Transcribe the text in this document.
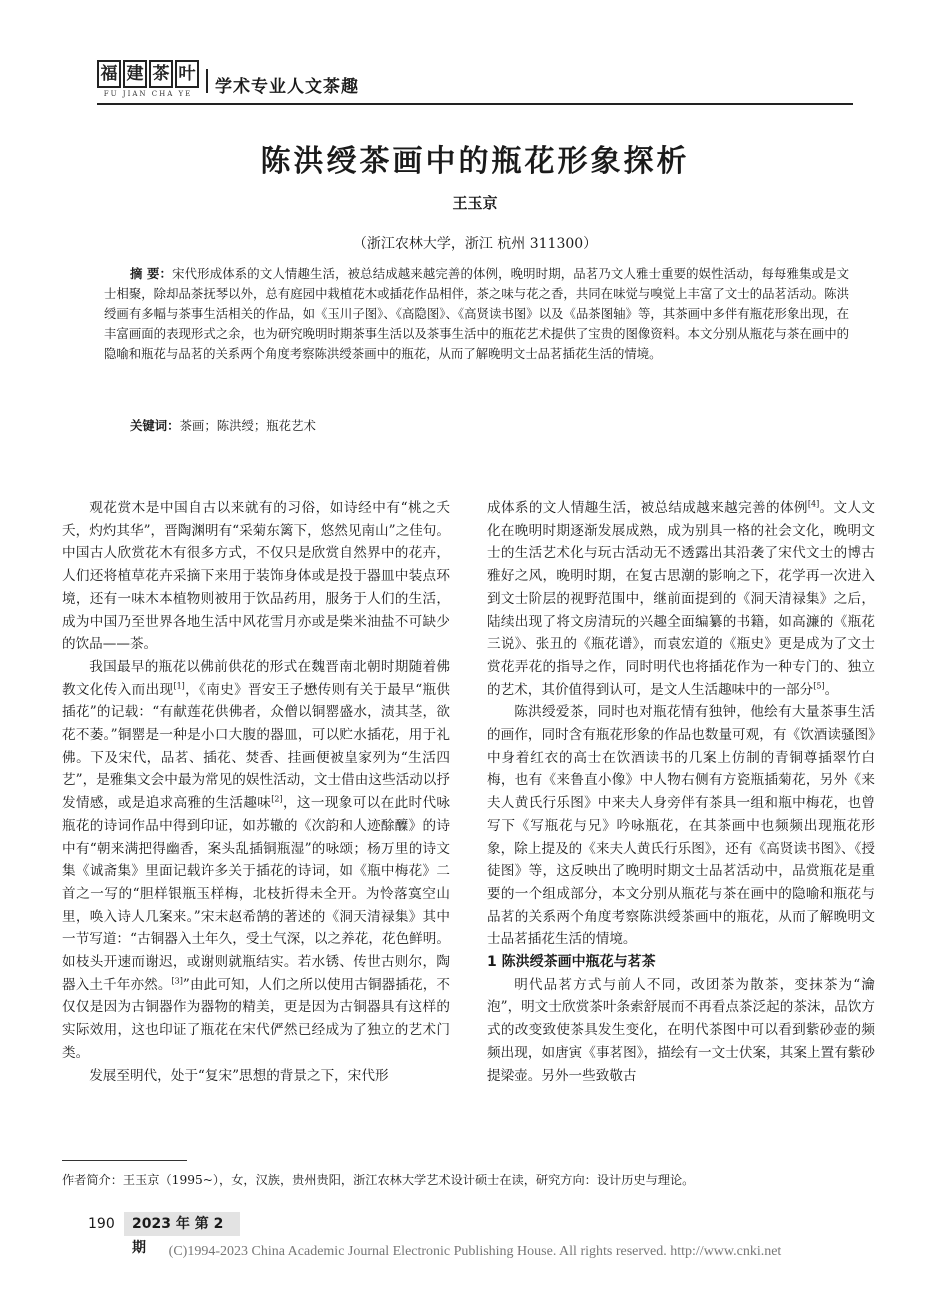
福 建 茶 叶
FU JIAN CHA YE	学术专业人文茶趣
陈洪绶茶画中的瓶花形象探析
王玉京
（浙江农林大学，浙江 杭州 311300）
摘 要：宋代形成体系的文人情趣生活，被总结成越来越完善的体例，晚明时期，品茗乃文人雅士重要的娱性活动，每每雅集或是文士相聚，除却品茶抚琴以外，总有庭园中栽植花木或插花作品相伴，茶之味与花之香，共同在味觉与嗅觉上丰富了文士的品茗活动。陈洪绶画有多幅与茶事生活相关的作品，如《玉川子图》、《高隐图》、《高贤读书图》以及《品茶图轴》等，其茶画中多伴有瓶花形象出现，在丰富画面的表现形式之余，也为研究晚明时期茶事生活以及茶事生活中的瓶花艺术提供了宝贵的图像资料。本文分别从瓶花与茶在画中的隐喻和瓶花与品茗的关系两个角度考察陈洪绶茶画中的瓶花，从而了解晚明文士品茗插花生活的情境。
关键词：茶画；陈洪绶；瓶花艺术

观花赏木是中国自古以来就有的习俗，如诗经中有“桃之夭夭，灼灼其华”，晋陶渊明有“采菊东篱下，悠然见南山”之佳句。中国古人欣赏花木有很多方式，不仅只是欣赏自然界中的花卉，人们还将植草花卉采摘下来用于装饰身体或是投于器皿中装点环境，还有一味木本植物则被用于饮品药用，服务于人们的生活，成为中国乃至世界各地生活中风花雪月亦或是柴米油盐不可缺少的饮品——茶。

我国最早的瓶花以佛前供花的形式在魏晋南北朝时期随着佛教文化传入而出现[1]，《南史》晋安王子懋传则有关于最早“瓶供插花”的记载：“有献莲花供佛者，众僧以铜罂盛水，渍其茎，欲花不萎。”铜罂是一种是小口大腹的器皿，可以贮水插花，用于礼佛。下及宋代，品茗、插花、焚香、挂画便被皇家列为“生活四艺”，是雅集文会中最为常见的娱性活动，文士借由这些活动以抒发情感，或是追求高雅的生活趣味[2]，这一现象可以在此时代咏瓶花的诗词作品中得到印证，如苏辙的《次韵和人迹酴醾》的诗中有“朝来满把得幽香，案头乱插铜瓶湿”的咏颂；杨万里的诗文集《诚斋集》里面记载许多关于插花的诗词，如《瓶中梅花》二首之一写的“胆样银瓶玉样梅，北枝折得未全开。为怜落寞空山里，唤入诗人几案来。”宋末赵希鹄的著述的《洞天清禄集》其中一节写道：“古铜器入土年久，受土气深，以之养花，花色鲜明。如枝头开速而谢迟，或谢则就瓶结实。若水锈、传世古则尔，陶器入土千年亦然。[3]”由此可知，人们之所以使用古铜器插花，不仅仅是因为古铜器作为器物的精美，更是因为古铜器具有这样的实际效用，这也印证了瓶花在宋代俨然已经成为了独立的艺术门类。

发展至明代，处于“复宋”思想的背景之下，宋代形

成体系的文人情趣生活，被总结成越来越完善的体例[4]。文人文化在晚明时期逐渐发展成熟，成为别具一格的社会文化，晚明文士的生活艺术化与玩古活动无不透露出其沿袭了宋代文士的博古雅好之风，晚明时期，在复古思潮的影响之下，花学再一次进入到文士阶层的视野范围中，继前面提到的《洞天清禄集》之后，陆续出现了将文房清玩的兴趣全面编纂的书籍，如高濂的《瓶花三说》、张丑的《瓶花谱》，而袁宏道的《瓶史》更是成为了文士赏花弄花的指导之作，同时明代也将插花作为一种专门的、独立的艺术，其价值得到认可，是文人生活趣味中的一部分[5]。

陈洪绶爱茶，同时也对瓶花情有独钟，他绘有大量茶事生活的画作，同时含有瓶花形象的作品也数量可观，有《饮酒读骚图》中身着红衣的高士在饮酒读书的几案上仿制的青铜尊插翠竹白梅，也有《来鲁直小像》中人物右侧有方瓷瓶插菊花，另外《来夫人黄氏行乐图》中来夫人身旁伴有茶具一组和瓶中梅花，也曾写下《写瓶花与兄》吟咏瓶花，在其茶画中也频频出现瓶花形象，除上提及的《来夫人黄氏行乐图》，还有《高贤读书图》、《授徒图》等，这反映出了晚明时期文士品茗活动中，品赏瓶花是重要的一个组成部分，本文分别从瓶花与茶在画中的隐喻和瓶花与品茗的关系两个角度考察陈洪绶茶画中的瓶花，从而了解晚明文士品茗插花生活的情境。

1 陈洪绶茶画中瓶花与茗茶

明代品茗方式与前人不同，改团茶为散茶，变抹茶为“瀹泡”，明文士欣赏茶叶条索舒展而不再看点茶泛起的茶沫，品饮方式的改变致使茶具发生变化，在明代茶图中可以看到紫砂壶的频频出现，如唐寅《事茗图》，描绘有一文士伏案，其案上置有紫砂提梁壶。另外一些致敬古

作者简介：王玉京（1995~），女，汉族，贵州贵阳，浙江农林大学艺术设计硕士在读，研究方向：设计历史与理论。
190	2023 年 第 2 期	(C)1994-2023 China Academic Journal Electronic Publishing House. All rights reserved. http://www.cnki.net
